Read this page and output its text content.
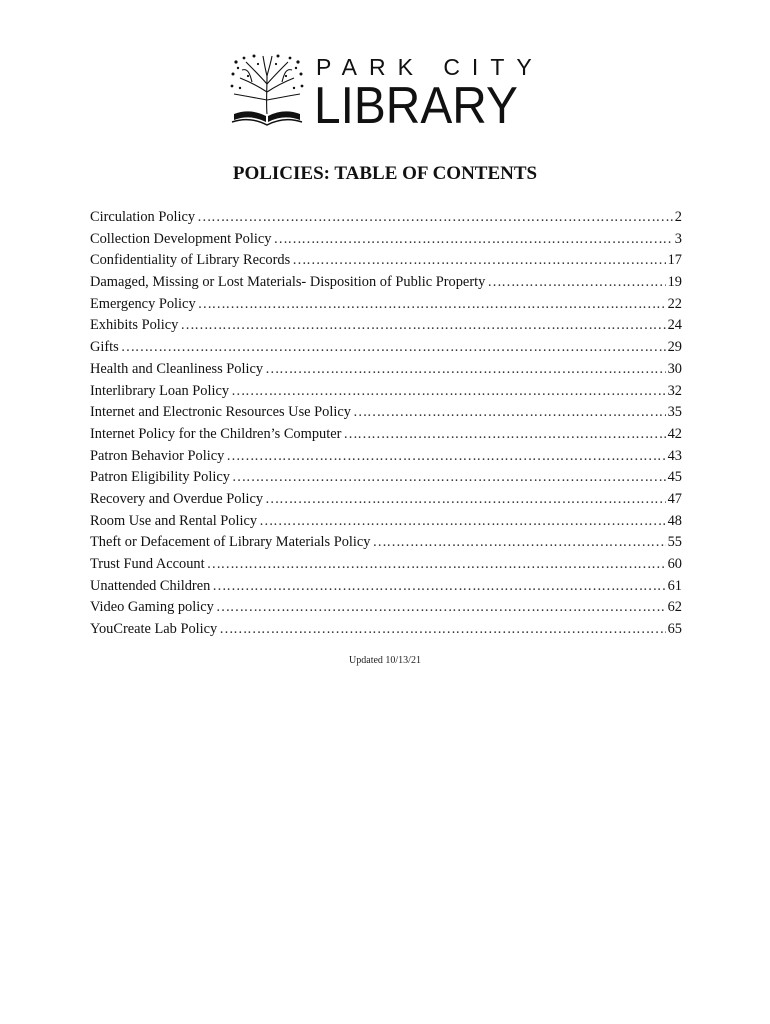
PARK CITY
LIBRARY
POLICIES: TABLE OF CONTENTS
Circulation Policy …………………………………………………………………………………………………………………………………………………………………………………………………	2
Collection Development Policy …………………………………………………………………………………………………………………………………………………………………………………………………	3
Confidentiality of Library Records …………………………………………………………………………………………………………………………………………………………………………………………………	17
Damaged, Missing or Lost Materials- Disposition of Public Property …………………………………………………………………………………………………………………………………………………………………………………………………	19
Emergency Policy …………………………………………………………………………………………………………………………………………………………………………………………………	22
Exhibits Policy …………………………………………………………………………………………………………………………………………………………………………………………………	24
Gifts …………………………………………………………………………………………………………………………………………………………………………………………………	29
Health and Cleanliness Policy …………………………………………………………………………………………………………………………………………………………………………………………………	30
Interlibrary Loan Policy …………………………………………………………………………………………………………………………………………………………………………………………………	32
Internet and Electronic Resources Use Policy …………………………………………………………………………………………………………………………………………………………………………………………………	35
Internet Policy for the Children’s Computer …………………………………………………………………………………………………………………………………………………………………………………………………	42
Patron Behavior Policy …………………………………………………………………………………………………………………………………………………………………………………………………	43
Patron Eligibility Policy …………………………………………………………………………………………………………………………………………………………………………………………………	45
Recovery and Overdue Policy …………………………………………………………………………………………………………………………………………………………………………………………………	47
Room Use and Rental Policy …………………………………………………………………………………………………………………………………………………………………………………………………	48
Theft or Defacement of Library Materials Policy …………………………………………………………………………………………………………………………………………………………………………………………………	55
Trust Fund Account …………………………………………………………………………………………………………………………………………………………………………………………………	60
Unattended Children …………………………………………………………………………………………………………………………………………………………………………………………………	61
Video Gaming policy …………………………………………………………………………………………………………………………………………………………………………………………………	62
YouCreate Lab Policy …………………………………………………………………………………………………………………………………………………………………………………………………	65
Updated 10/13/21
